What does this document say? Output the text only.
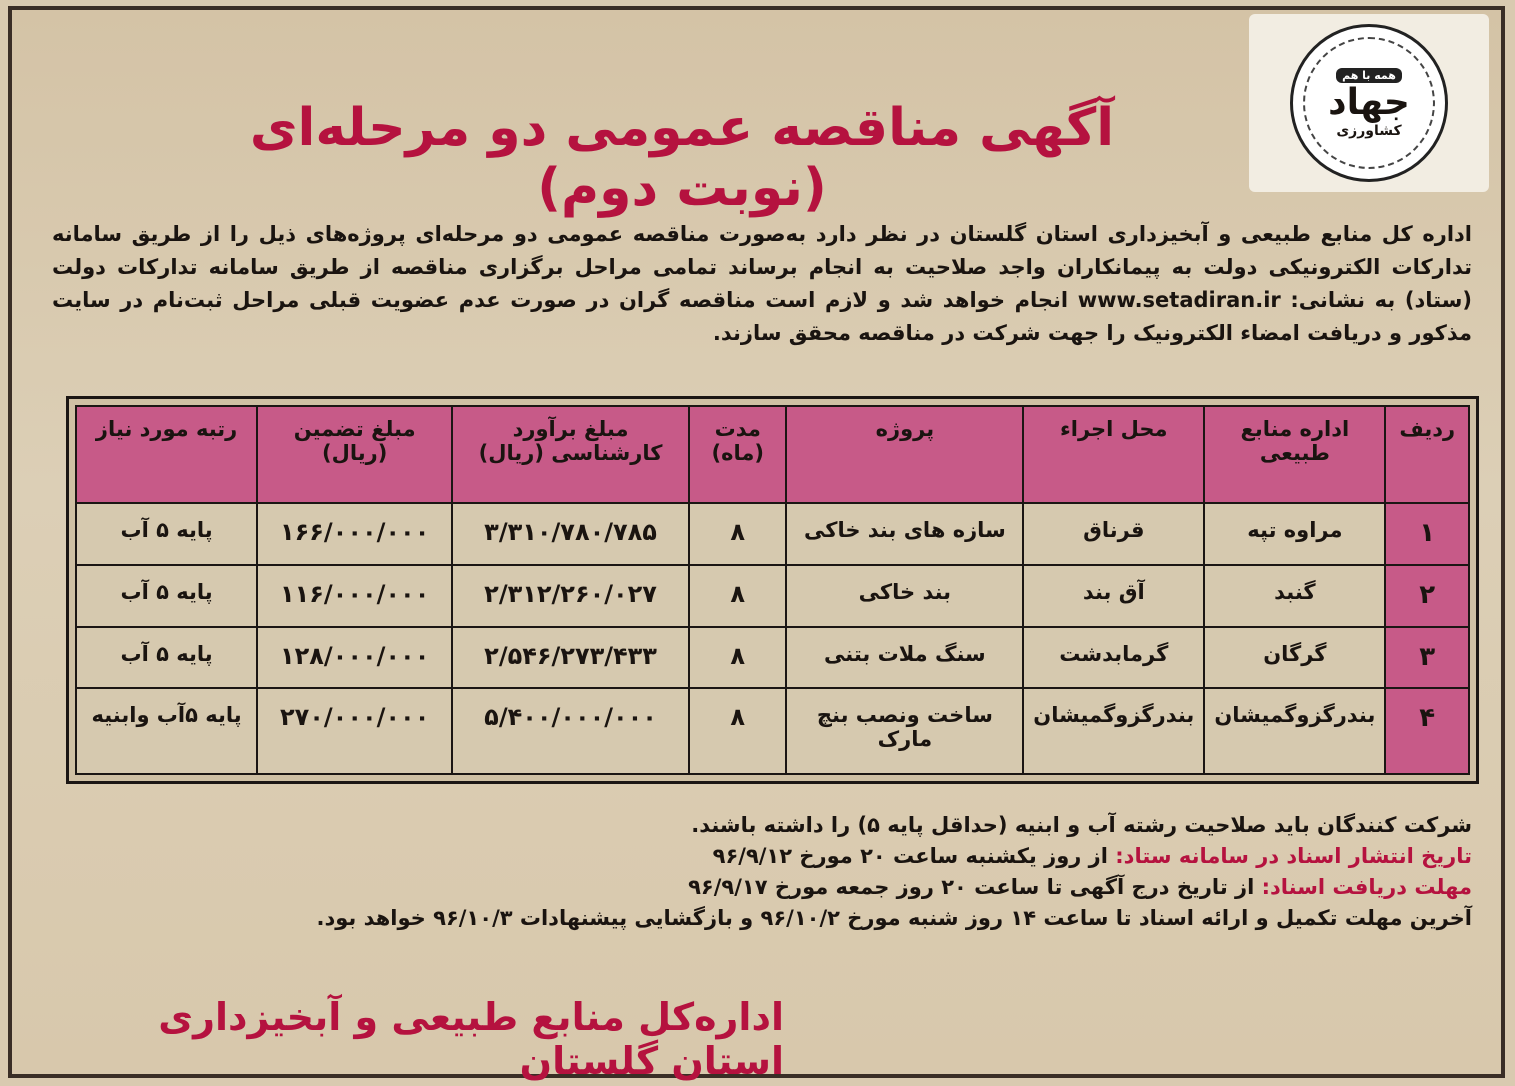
همه با هم
جهاد
کشاورزی
آگهی مناقصه عمومی دو مرحله‌ای (نوبت دوم)
اداره کل منابع طبیعی و آبخیزداری استان گلستان در نظر دارد به‌صورت مناقصه عمومی دو مرحله‌ای پروژه‌های ذیل را از طریق سامانه تدارکات الکترونیکی دولت به پیمانکاران واجد صلاحیت به انجام برساند تمامی مراحل برگزاری مناقصه از طریق سامانه تدارکات دولت (ستاد) به نشانی: www.setadiran.ir انجام خواهد شد و لازم است مناقصه گران در صورت عدم عضویت قبلی مراحل ثبت‌نام در سایت مذکور و دریافت امضاء الکترونیک را جهت شرکت در مناقصه محقق سازند.
ردیف	اداره منابع طبیعی	محل اجراء	پروژه	مدت (ماه)	مبلغ برآورد کارشناسی (ریال)	مبلغ تضمین (ریال)	رتبه مورد نیاز
۱	مراوه تپه	قرناق	سازه های بند خاکی	۸	۳/۳۱۰/۷۸۰/۷۸۵	۱۶۶/۰۰۰/۰۰۰	پایه ۵ آب
۲	گنبد	آق بند	بند خاکی	۸	۲/۳۱۲/۲۶۰/۰۲۷	۱۱۶/۰۰۰/۰۰۰	پایه ۵ آب
۳	گرگان	گرمابدشت	سنگ ملات بتنی	۸	۲/۵۴۶/۲۷۳/۴۳۳	۱۲۸/۰۰۰/۰۰۰	پایه ۵ آب
۴	بندرگزوگمیشان	بندرگزوگمیشان	ساخت ونصب بنچ مارک	۸	۵/۴۰۰/۰۰۰/۰۰۰	۲۷۰/۰۰۰/۰۰۰	پایه ۵آب وابنیه
شرکت کنندگان باید صلاحیت رشته آب و ابنیه (حداقل پایه ۵) را داشته باشند.
تاریخ انتشار اسناد در سامانه ستاد: از روز یکشنبه ساعت ۲۰ مورخ ۹۶/۹/۱۲
مهلت دریافت اسناد: از تاریخ درج آگهی تا ساعت ۲۰ روز جمعه مورخ ۹۶/۹/۱۷
آخرین مهلت تکمیل و ارائه اسناد تا ساعت ۱۴ روز شنبه مورخ ۹۶/۱۰/۲ و بازگشایی پیشنهادات ۹۶/۱۰/۳ خواهد بود.
اداره‌کل منابع طبیعی و آبخیزداری استان گلستان
